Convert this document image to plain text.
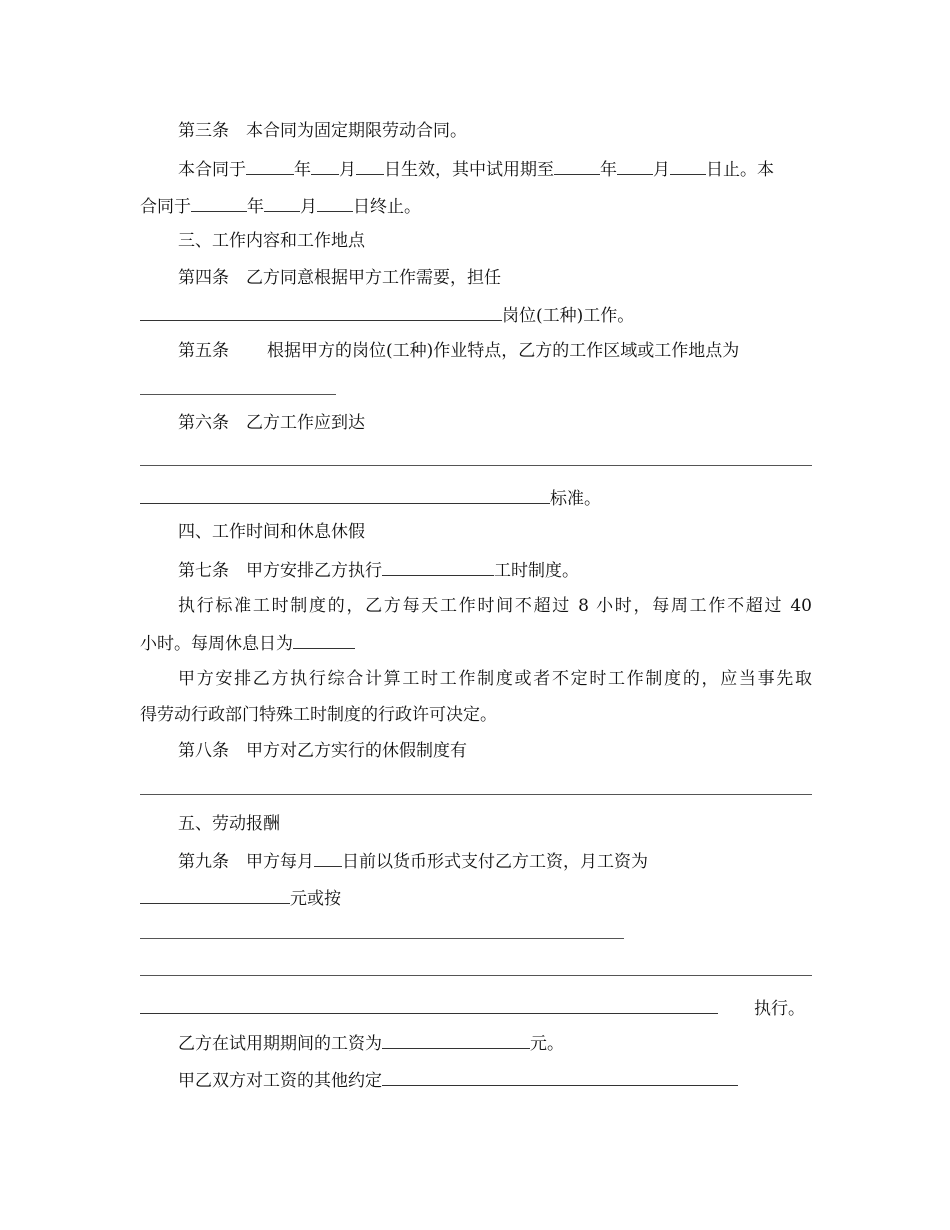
第三条　本合同为固定期限劳动合同。
本合同于	年 月 日生效，其中试用期至	年 月 日止。本
合同于	年 月 日终止。
三、工作内容和工作地点
第四条　乙方同意根据甲方工作需要，担任
岗位(工种)工作。
第五条 根据甲方的岗位(工种)作业特点，乙方的工作区域或工作地点为
第六条　乙方工作应到达
标准。
四、工作时间和休息休假
第七条　甲方安排乙方执行	工时制度。
执行标准工时制度的，乙方每天工作时间不超过 8 小时，每周工作不超过 40
小时。每周休息日为
甲方安排乙方执行综合计算工时工作制度或者不定时工作制度的，应当事先取
得劳动行政部门特殊工时制度的行政许可决定。
第八条　甲方对乙方实行的休假制度有
五、劳动报酬
第九条　甲方每月 日前以货币形式支付乙方工资，月工资为
元或按
执行。
乙方在试用期期间的工资为	元。
甲乙双方对工资的其他约定
